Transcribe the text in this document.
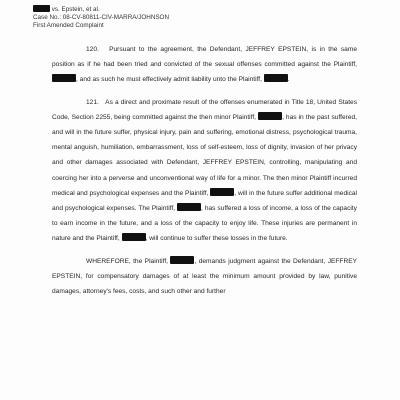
vs. Epstein, et al.
Case No.: 08-CV-80811-CIV-MARRA/JOHNSON
First Amended Complaint

120. Pursuant to the agreement, the Defendant, JEFFREY EPSTEIN, is in the same position as if he had been tried and convicted of the sexual offenses committed against the Plaintiff, , and as such he must effectively admit liability unto the Plaintiff,	.

121. As a direct and proximate result of the offenses enumerated in Title 18, United States Code, Section 2255, being committed against the then minor Plaintiff,	, has in the past suffered, and will in the future suffer, physical injury, pain and suffering, emotional distress, psychological trauma, mental anguish, humiliation, embarrassment, loss of self-esteem, loss of dignity, invasion of her privacy and other damages associated with Defendant, JEFFREY EPSTEIN, controlling, manipulating and coercing her into a perverse and unconventional way of life for a minor. The then minor Plaintiff incurred medical and psychological expenses and the Plaintiff,	, will in the future suffer additional medical and psychological expenses. The Plaintiff,	, has suffered a loss of income, a loss of the capacity to earn income in the future, and a loss of the capacity to enjoy life. These injuries are permanent in nature and the Plaintiff,	, will continue to suffer these losses in the future.

WHEREFORE, the Plaintiff,	, demands judgment against the Defendant, JEFFREY EPSTEIN, for compensatory damages of at least the minimum amount provided by law, punitive damages, attorney's fees, costs, and such other and further
